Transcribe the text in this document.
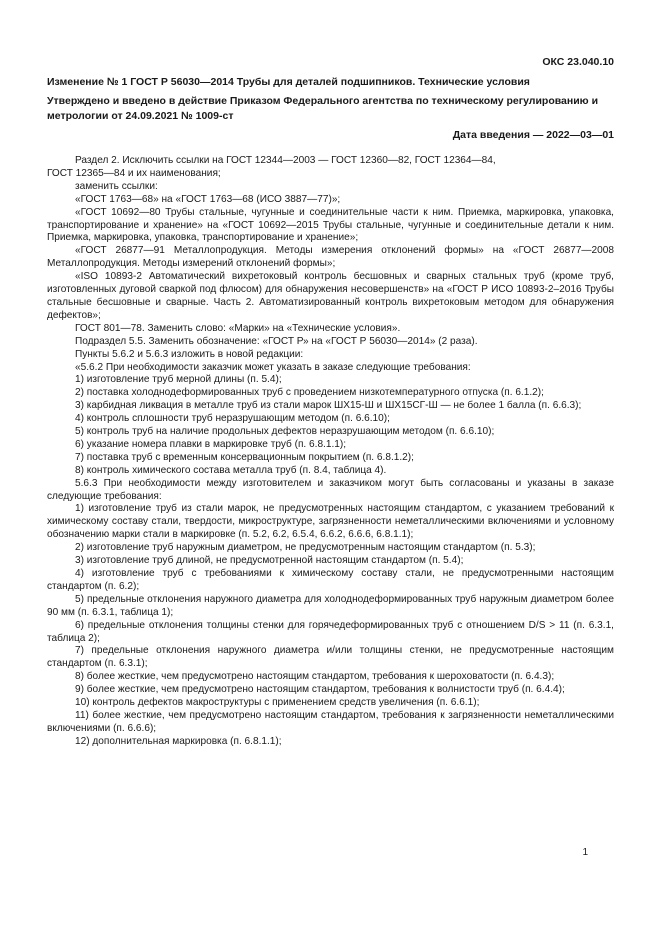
ОКС 23.040.10
Изменение № 1 ГОСТ Р 56030—2014 Трубы для деталей подшипников. Технические условия
Утверждено и введено в действие Приказом Федерального агентства по техническому регулированию и метрологии от 24.09.2021 № 1009-ст
Дата введения — 2022—03—01

Раздел 2. Исключить ссылки на ГОСТ 12344—2003 — ГОСТ 12360—82, ГОСТ 12364—84,
ГОСТ 12365—84 и их наименования;

заменить ссылки:

«ГОСТ 1763—68» на «ГОСТ 1763—68 (ИСО 3887—77)»;

«ГОСТ 10692—80 Трубы стальные, чугунные и соединительные части к ним. Приемка, маркировка, упаковка, транспортирование и хранение» на «ГОСТ 10692—2015 Трубы стальные, чугунные и соединительные детали к ним. Приемка, маркировка, упаковка, транспортирование и хранение»;

«ГОСТ 26877—91 Металлопродукция. Методы измерения отклонений формы» на «ГОСТ 26877—2008 Металлопродукция. Методы измерений отклонений формы»;

«ISO 10893-2 Автоматический вихретоковый контроль бесшовных и сварных стальных труб (кроме труб, изготовленных дуговой сваркой под флюсом) для обнаружения несовершенств» на «ГОСТ Р ИСО 10893-2–2016 Трубы стальные бесшовные и сварные. Часть 2. Автоматизированный контроль вихретоковым методом для обнаружения дефектов»;

ГОСТ 801—78. Заменить слово: «Марки» на «Технические условия».

Подраздел 5.5. Заменить обозначение: «ГОСТ Р» на «ГОСТ Р 56030—2014» (2 раза).

Пункты 5.6.2 и 5.6.3 изложить в новой редакции:

«5.6.2 При необходимости заказчик может указать в заказе следующие требования:

1) изготовление труб мерной длины (п. 5.4);

2) поставка холоднодеформированных труб с проведением низкотемпературного отпуска (п. 6.1.2);

3) карбидная ликвация в металле труб из стали марок ШХ15-Ш и ШХ15СГ-Ш — не более 1 балла (п. 6.6.3);

4) контроль сплошности труб неразрушающим методом (п. 6.6.10);

5) контроль труб на наличие продольных дефектов неразрушающим методом (п. 6.6.10);

6) указание номера плавки в маркировке труб (п. 6.8.1.1);

7) поставка труб с временным консервационным покрытием (п. 6.8.1.2);

8) контроль химического состава металла труб (п. 8.4, таблица 4).

5.6.3 При необходимости между изготовителем и заказчиком могут быть согласованы и указаны в заказе следующие требования:

1) изготовление труб из стали марок, не предусмотренных настоящим стандартом, с указанием требований к химическому составу стали, твердости, микроструктуре, загрязненности неметаллическими включениями и условному обозначению марки стали в маркировке (п. 5.2, 6.2, 6.5.4, 6.6.2, 6.6.6, 6.8.1.1);

2) изготовление труб наружным диаметром, не предусмотренным настоящим стандартом (п. 5.3);

3) изготовление труб длиной, не предусмотренной настоящим стандартом (п. 5.4);

4) изготовление труб с требованиями к химическому составу стали, не предусмотренными настоящим стандартом (п. 6.2);

5) предельные отклонения наружного диаметра для холоднодеформированных труб наружным диаметром более 90 мм (п. 6.3.1, таблица 1);

6) предельные отклонения толщины стенки для горячедеформированных труб с отношением D/S > 11 (п. 6.3.1, таблица 2);

7) предельные отклонения наружного диаметра и/или толщины стенки, не предусмотренные настоящим стандартом (п. 6.3.1);

8) более жесткие, чем предусмотрено настоящим стандартом, требования к шероховатости (п. 6.4.3);

9) более жесткие, чем предусмотрено настоящим стандартом, требования к волнистости труб (п. 6.4.4);

10) контроль дефектов макроструктуры с применением средств увеличения (п. 6.6.1);

11) более жесткие, чем предусмотрено настоящим стандартом, требования к загрязненности неметаллическими включениями (п. 6.6.6);

12) дополнительная маркировка (п. 6.8.1.1);

1
